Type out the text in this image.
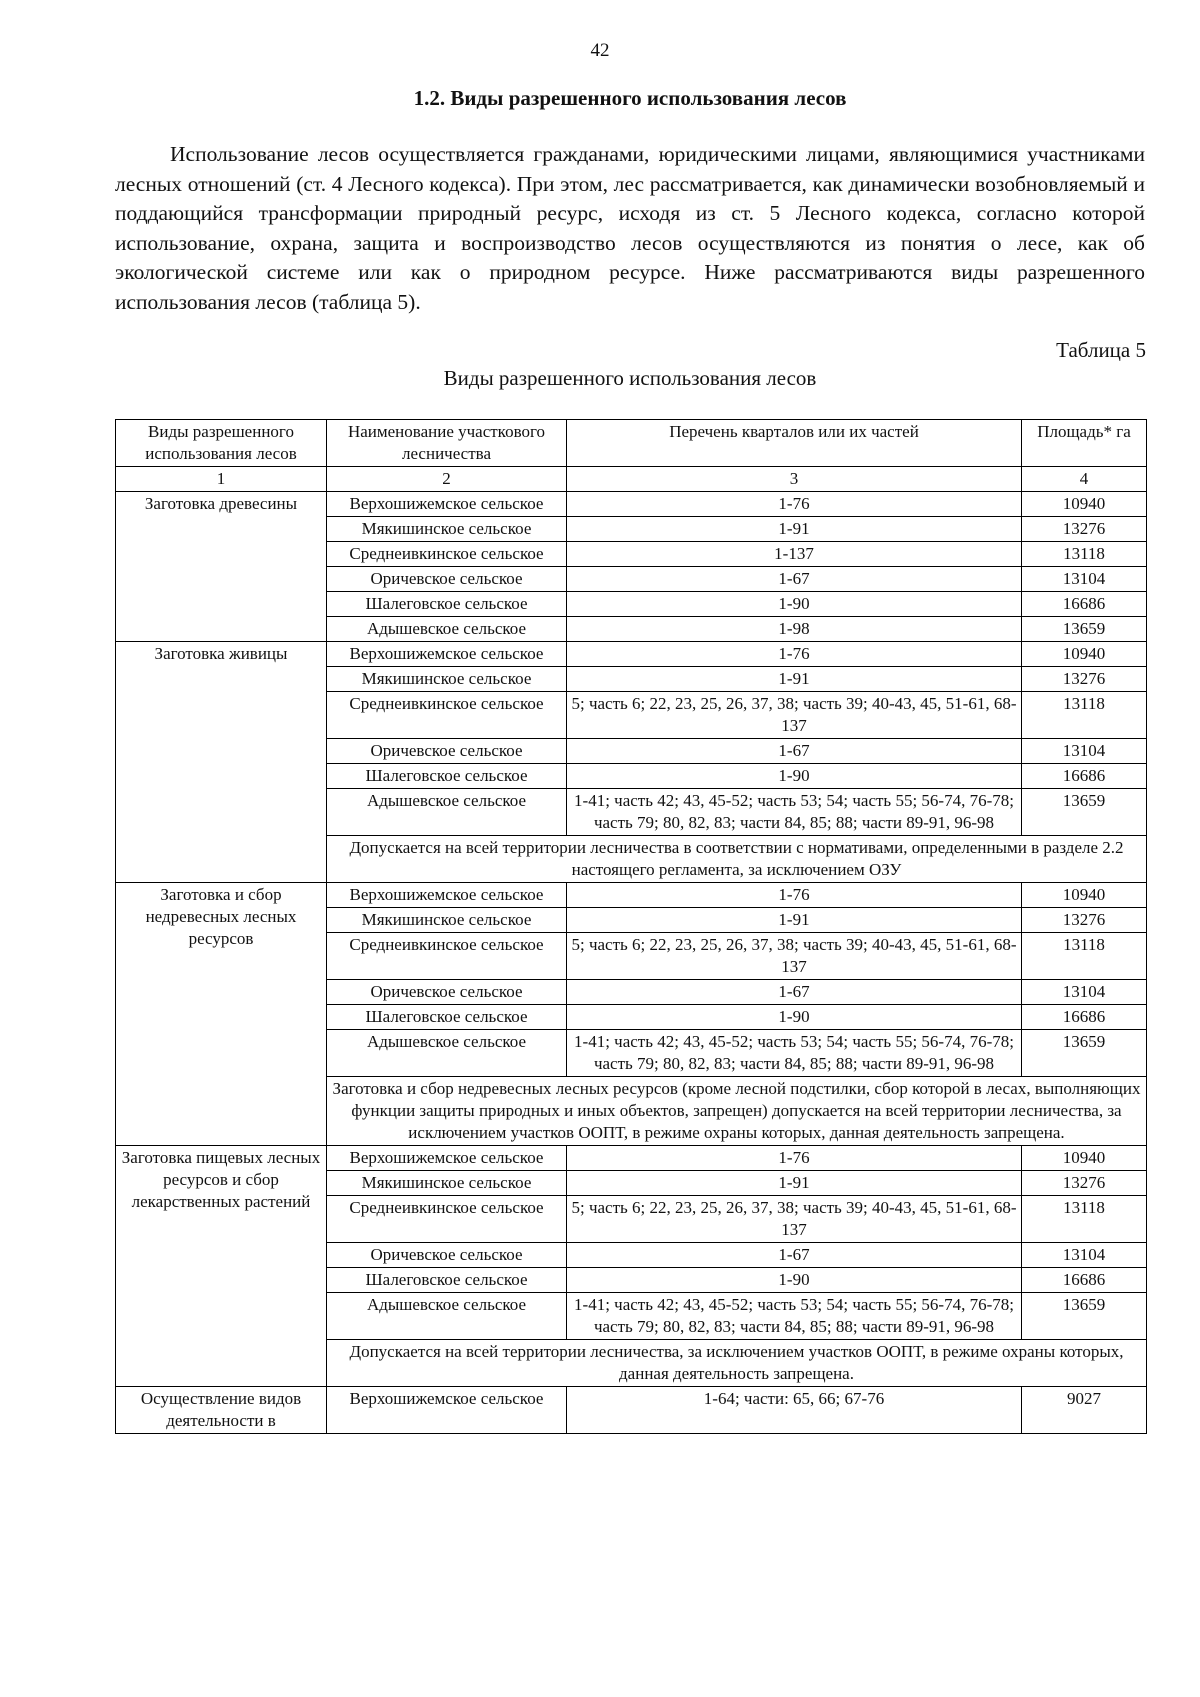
42
1.2. Виды разрешенного использования лесов

Использование лесов осуществляется гражданами, юридическими лицами, являющимися участниками лесных отношений (ст. 4 Лесного кодекса). При этом, лес рассматривается, как динамически возобновляемый и поддающийся трансформации природный ресурс, исходя из ст. 5 Лесного кодекса, согласно которой использование, охрана, защита и воспроизводство лесов осуществляются из понятия о лесе, как об экологической системе или как о природном ресурсе. Ниже рассматриваются виды разрешенного использования лесов (таблица 5).

Таблица 5
Виды разрешенного использования лесов
Виды разрешенного использования лесов	Наименование участкового лесничества	Перечень кварталов или их частей	Площадь* га
1	2	3	4
Заготовка древесины	Верхошижемское сельское	1-76	10940
	Мякишинское сельское	1-91	13276
	Среднеивкинское сельское	1-137	13118
	Оричевское сельское	1-67	13104
	Шалеговское сельское	1-90	16686
	Адышевское сельское	1-98	13659
Заготовка живицы	Верхошижемское сельское	1-76	10940
	Мякишинское сельское	1-91	13276
	Среднеивкинское сельское	5; часть 6; 22, 23, 25, 26, 37, 38; часть 39; 40-43, 45, 51-61, 68-137	13118
	Оричевское сельское	1-67	13104
	Шалеговское сельское	1-90	16686
	Адышевское сельское	1-41; часть 42; 43, 45-52; часть 53; 54; часть 55; 56-74, 76-78; часть 79; 80, 82, 83; части 84, 85; 88; части 89-91, 96-98	13659
	Допускается на всей территории лесничества в соответствии с нормативами, определенными в разделе 2.2 настоящего регламента, за исключением ОЗУ		
Заготовка и сбор недревесных лесных ресурсов	Верхошижемское сельское	1-76	10940
	Мякишинское сельское	1-91	13276
	Среднеивкинское сельское	5; часть 6; 22, 23, 25, 26, 37, 38; часть 39; 40-43, 45, 51-61, 68-137	13118
	Оричевское сельское	1-67	13104
	Шалеговское сельское	1-90	16686
	Адышевское сельское	1-41; часть 42; 43, 45-52; часть 53; 54; часть 55; 56-74, 76-78; часть 79; 80, 82, 83; части 84, 85; 88; части 89-91, 96-98	13659
	Заготовка и сбор недревесных лесных ресурсов (кроме лесной подстилки, сбор которой в лесах, выполняющих функции защиты природных и иных объектов, запрещен) допускается на всей территории лесничества, за исключением участков ООПТ, в режиме охраны которых, данная деятельность запрещена.		
Заготовка пищевых лесных ресурсов и сбор лекарственных растений	Верхошижемское сельское	1-76	10940
	Мякишинское сельское	1-91	13276
	Среднеивкинское сельское	5; часть 6; 22, 23, 25, 26, 37, 38; часть 39; 40-43, 45, 51-61, 68-137	13118
	Оричевское сельское	1-67	13104
	Шалеговское сельское	1-90	16686
	Адышевское сельское	1-41; часть 42; 43, 45-52; часть 53; 54; часть 55; 56-74, 76-78; часть 79; 80, 82, 83; части 84, 85; 88; части 89-91, 96-98	13659
	Допускается на всей территории лесничества, за исключением участков ООПТ, в режиме охраны которых, данная деятельность запрещена.		
Осуществление видов деятельности в	Верхошижемское сельское	1-64; части: 65, 66; 67-76	9027
